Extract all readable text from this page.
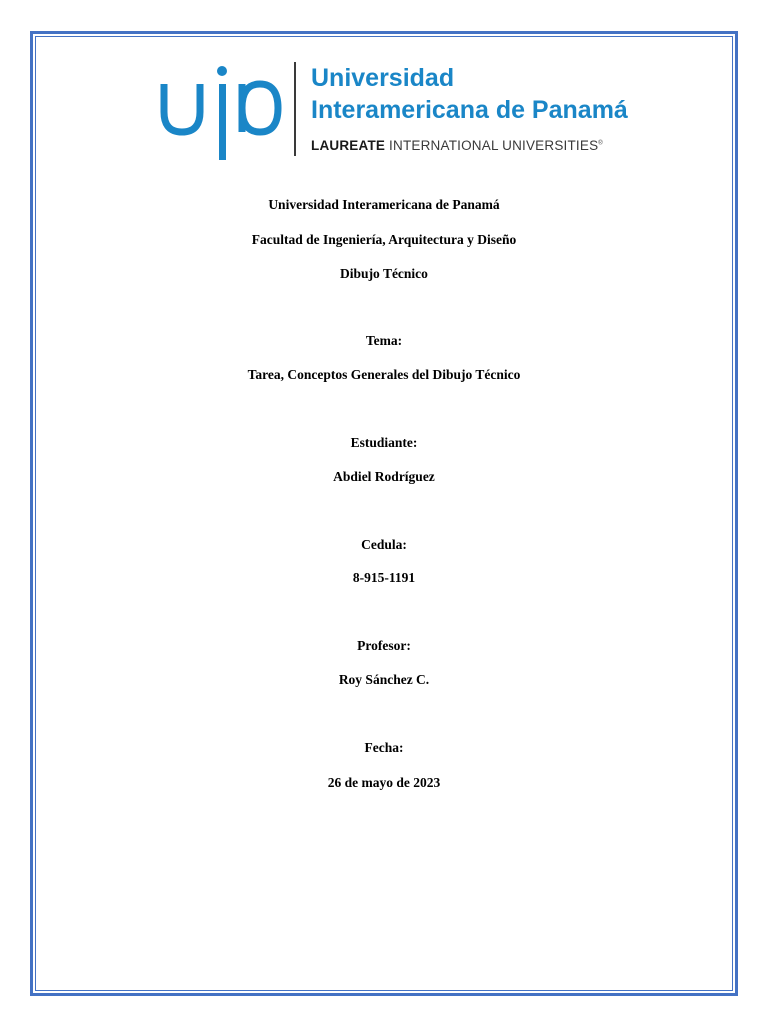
Universidad
Interamericana de Panamá
LAUREATE INTERNATIONAL UNIVERSITIES®
Universidad Interamericana de Panamá
Facultad de Ingeniería, Arquitectura y Diseño
Dibujo Técnico
Tema:
Tarea, Conceptos Generales del Dibujo Técnico
Estudiante:
Abdiel Rodríguez
Cedula:
8-915-1191
Profesor:
Roy Sánchez C.
Fecha:
26 de mayo de 2023
